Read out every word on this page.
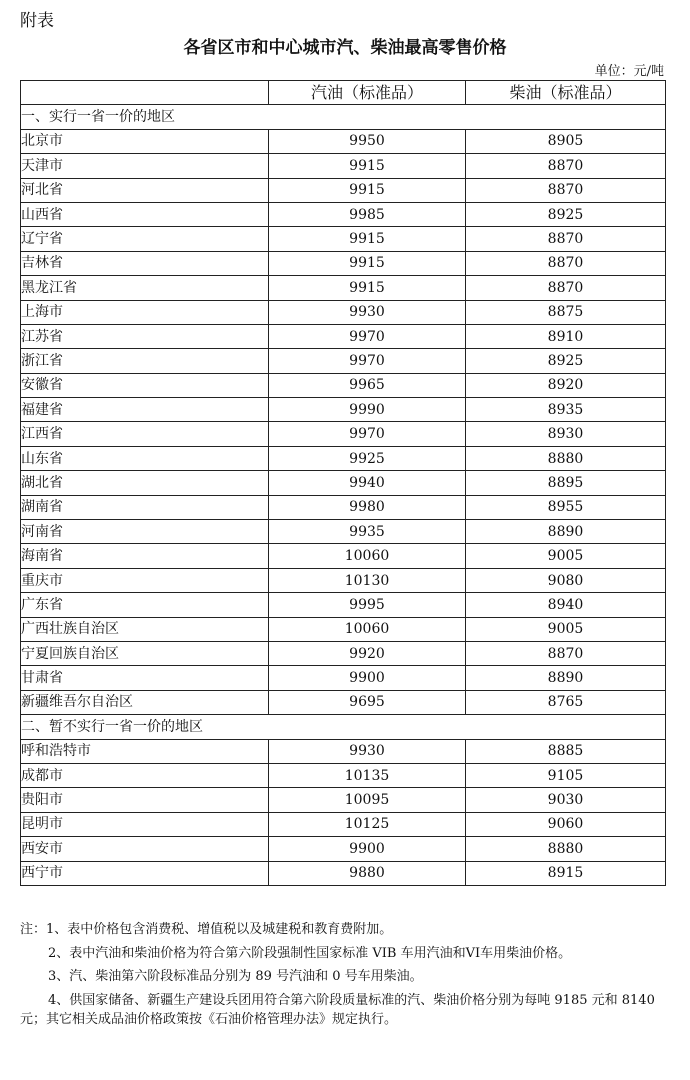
附表
各省区市和中心城市汽、柴油最高零售价格
单位：元/吨
	汽油（标准品）	柴油（标准品）
一、实行一省一价的地区		
北京市	9950	8905
天津市	9915	8870
河北省	9915	8870
山西省	9985	8925
辽宁省	9915	8870
吉林省	9915	8870
黑龙江省	9915	8870
上海市	9930	8875
江苏省	9970	8910
浙江省	9970	8925
安徽省	9965	8920
福建省	9990	8935
江西省	9970	8930
山东省	9925	8880
湖北省	9940	8895
湖南省	9980	8955
河南省	9935	8890
海南省	10060	9005
重庆市	10130	9080
广东省	9995	8940
广西壮族自治区	10060	9005
宁夏回族自治区	9920	8870
甘肃省	9900	8890
新疆维吾尔自治区	9695	8765
二、暂不实行一省一价的地区		
呼和浩特市	9930	8885
成都市	10135	9105
贵阳市	10095	9030
昆明市	10125	9060
西安市	9900	8880
西宁市	9880	8915

注：1、表中价格包含消费税、增值税以及城建税和教育费附加。

2、表中汽油和柴油价格为符合第六阶段强制性国家标准 VIB 车用汽油和VI车用柴油价格。

3、汽、柴油第六阶段标准品分别为 89 号汽油和 0 号车用柴油。

4、供国家储备、新疆生产建设兵团用符合第六阶段质量标准的汽、柴油价格分别为每吨 9185 元和 8140 元；其它相关成品油价格政策按《石油价格管理办法》规定执行。
